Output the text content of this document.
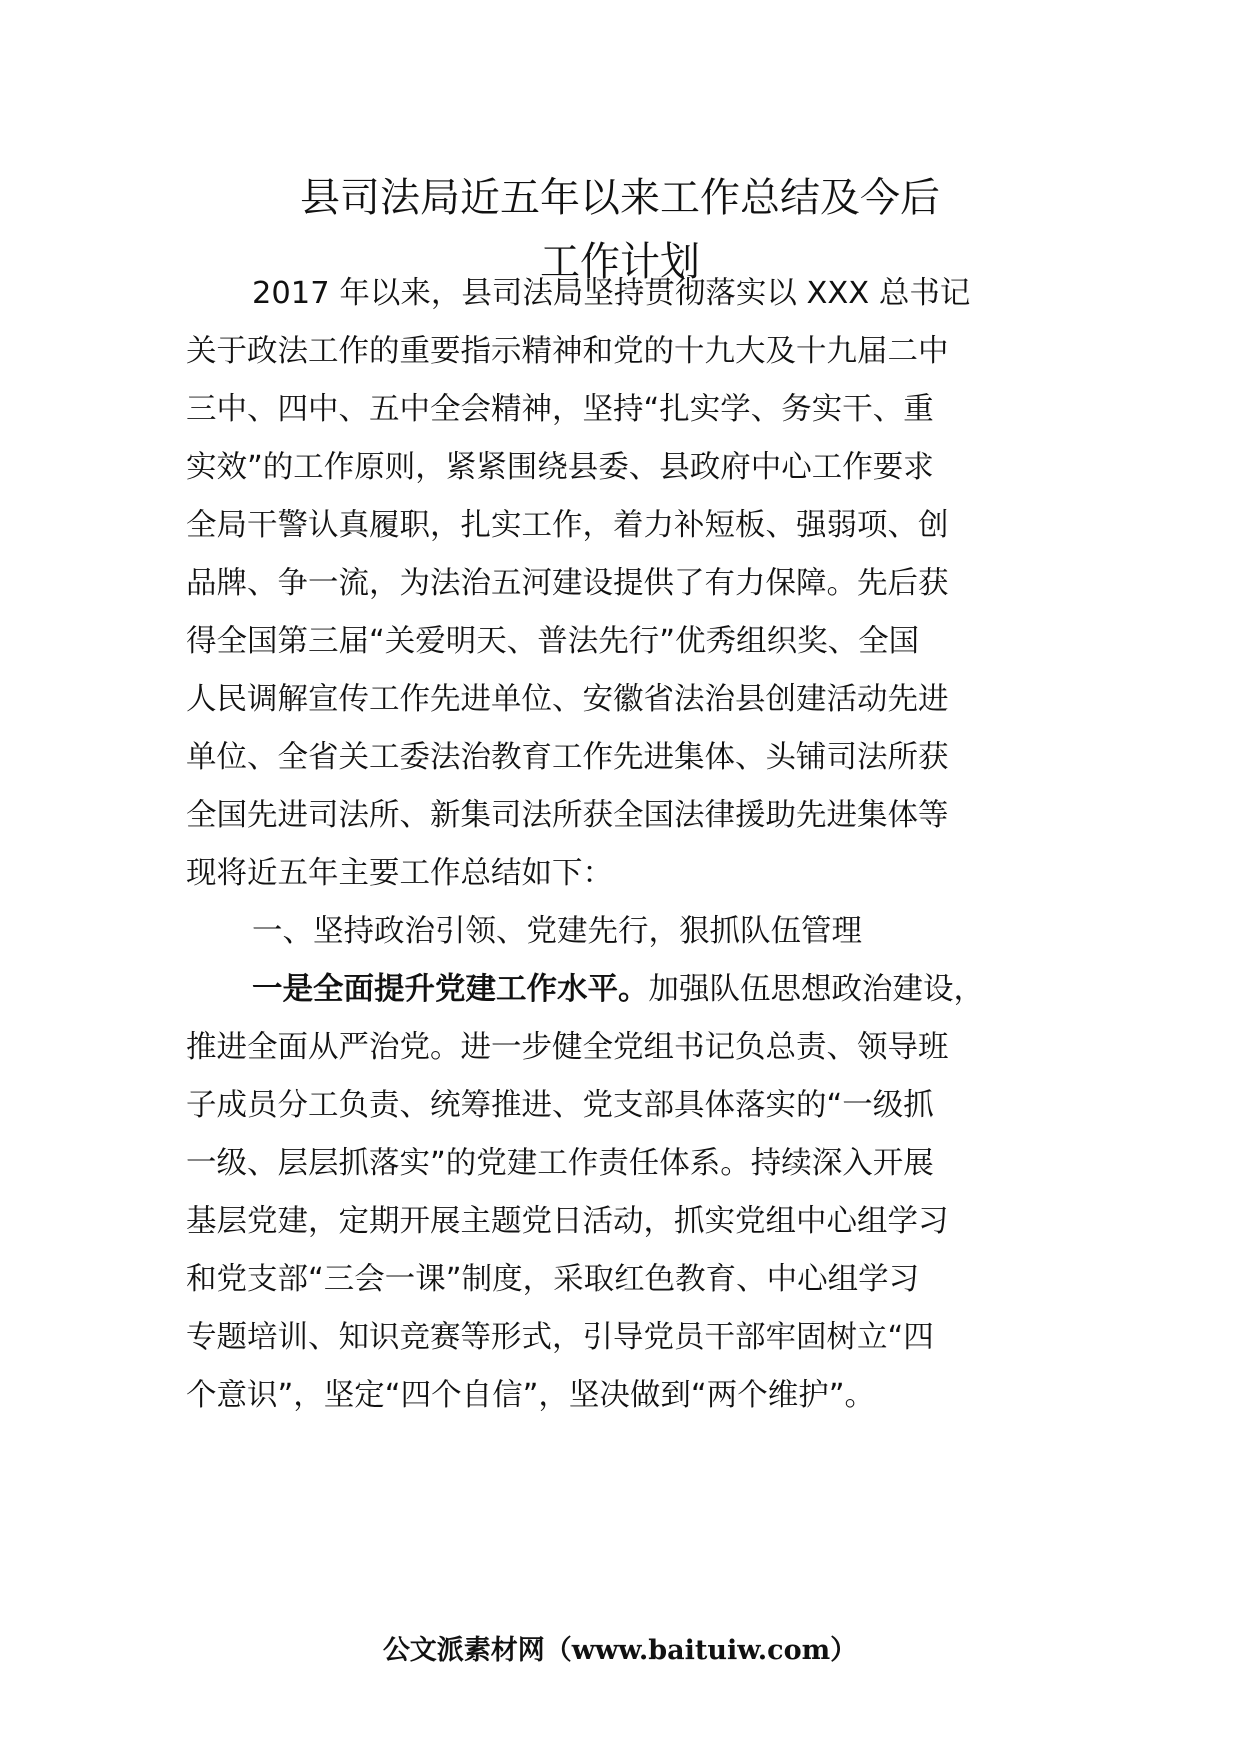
县司法局近五年以来工作总结及今后
工作计划
2017 年以来，县司法局坚持贯彻落实以 XXX 总书记
关于政法工作的重要指示精神和党的十九大及十九届二中
三中、四中、五中全会精神，坚持“扎实学、务实干、重
实效”的工作原则，紧紧围绕县委、县政府中心工作要求
全局干警认真履职，扎实工作，着力补短板、强弱项、创
品牌、争一流，为法治五河建设提供了有力保障。先后获
得全国第三届“关爱明天、普法先行”优秀组织奖、全国
人民调解宣传工作先进单位、安徽省法治县创建活动先进
单位、全省关工委法治教育工作先进集体、头铺司法所获
全国先进司法所、新集司法所获全国法律援助先进集体等
现将近五年主要工作总结如下：
一、坚持政治引领、党建先行，狠抓队伍管理
一是全面提升党建工作水平。加强队伍思想政治建设，
推进全面从严治党。进一步健全党组书记负总责、领导班
子成员分工负责、统筹推进、党支部具体落实的“一级抓
一级、层层抓落实”的党建工作责任体系。持续深入开展
基层党建，定期开展主题党日活动，抓实党组中心组学习
和党支部“三会一课”制度，采取红色教育、中心组学习
专题培训、知识竞赛等形式，引导党员干部牢固树立“四
个意识”，坚定“四个自信”，坚决做到“两个维护”。
公文派素材网（www.baituiw.com）
